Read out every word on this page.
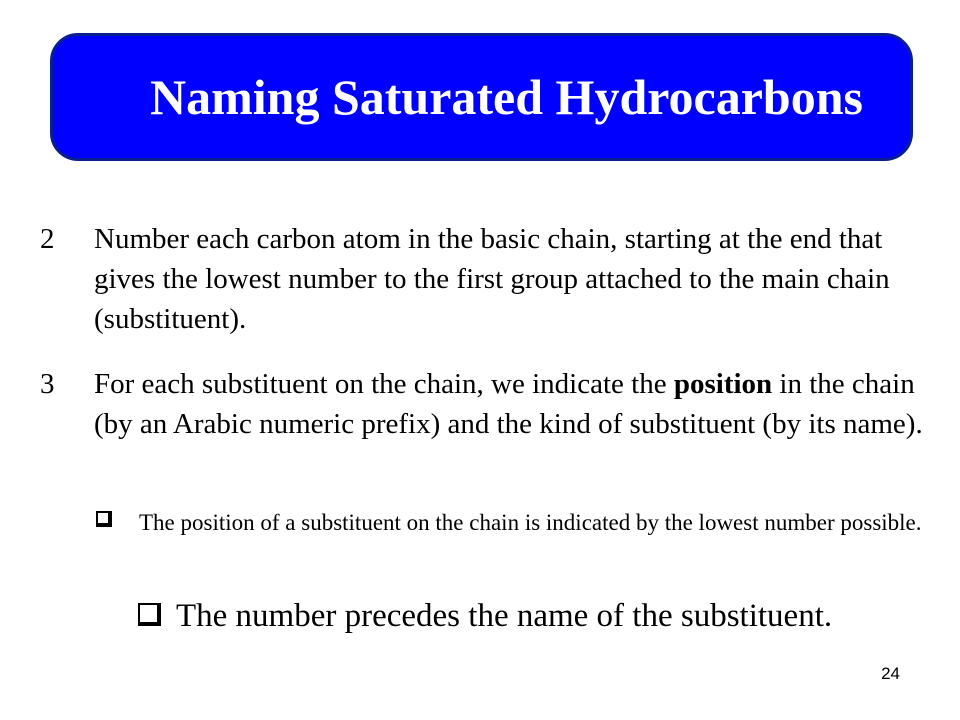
Naming Saturated Hydrocarbons
2	Number each carbon atom in the basic chain, starting at the end that gives the lowest number to the first group attached to the main chain (substituent).
3	For each substituent on the chain, we indicate the position in the chain (by an Arabic numeric prefix) and the kind of substituent (by its name).
The position of a substituent on the chain is indicated by the lowest number possible.
The number precedes the name of the substituent.
24
